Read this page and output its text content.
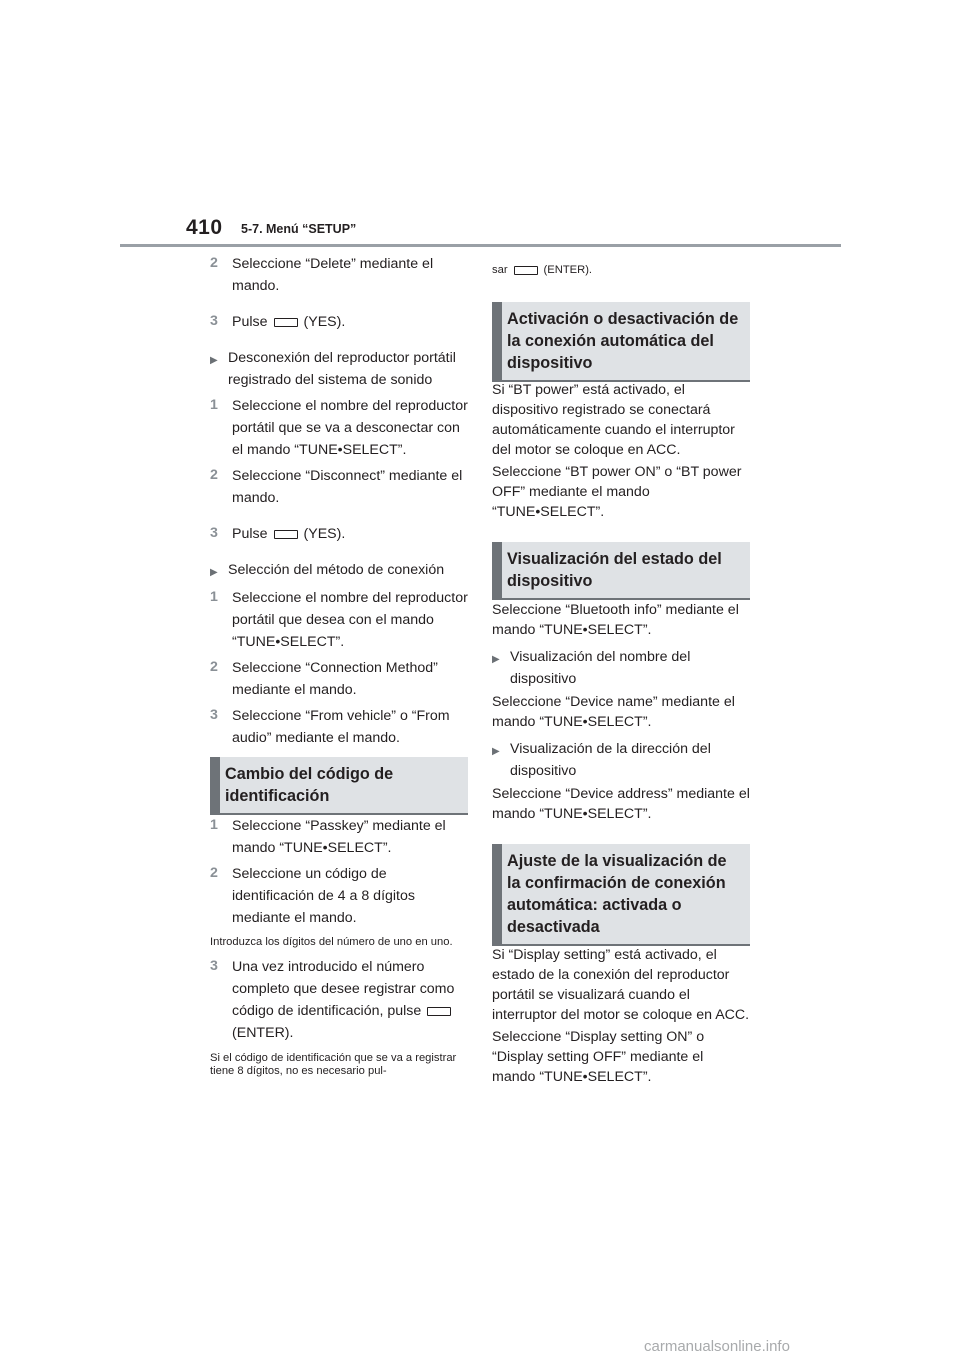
410 5-7. Menú “SETUP”
2 Seleccione “Delete” mediante el mando.
3 Pulse	(YES).
▶ Desconexión del reproductor portátil registrado del sistema de sonido
1 Seleccione el nombre del reproductor portátil que se va a desconectar con el mando “TUNE•SELECT”.
2 Seleccione “Disconnect” mediante el mando.
3 Pulse	(YES).
▶ Selección del método de conexión
1 Seleccione el nombre del reproductor portátil que desea con el mando “TUNE•SELECT”.
2 Seleccione “Connection Method” mediante el mando.
3 Seleccione “From vehicle” o “From audio” mediante el mando.
Cambio del código de identificación
1 Seleccione “Passkey” mediante el mando “TUNE•SELECT”.
2 Seleccione un código de identificación de 4 a 8 dígitos mediante el mando.
Introduzca los dígitos del número de uno en uno.
3 Una vez introducido el número completo que desee registrar como código de identificación, pulse(ENTER).
Si el código de identificación que se va a registrar tiene 8 dígitos, no es necesario pul-
sar	(ENTER).
Activación o desactivación de la conexión automática del dispositivo
Si “BT power” está activado, el dispositivo registrado se conectará automáticamente cuando el interruptor del motor se coloque en ACC.
Seleccione “BT power ON” o “BT power OFF” mediante el mando “TUNE•SELECT”.
Visualización del estado del dispositivo
Seleccione “Bluetooth info” mediante el mando “TUNE•SELECT”.
▶ Visualización del nombre del dispositivo
Seleccione “Device name” mediante el mando “TUNE•SELECT”.
▶ Visualización de la dirección del dispositivo
Seleccione “Device address” mediante el mando “TUNE•SELECT”.
Ajuste de la visualización de la confirmación de conexión automática: activada o desactivada
Si “Display setting” está activado, el estado de la conexión del reproductor portátil se visualizará cuando el interruptor del motor se coloque en ACC.
Seleccione “Display setting ON” o “Display setting OFF” mediante el mando “TUNE•SELECT”.
carmanualsonline.info
